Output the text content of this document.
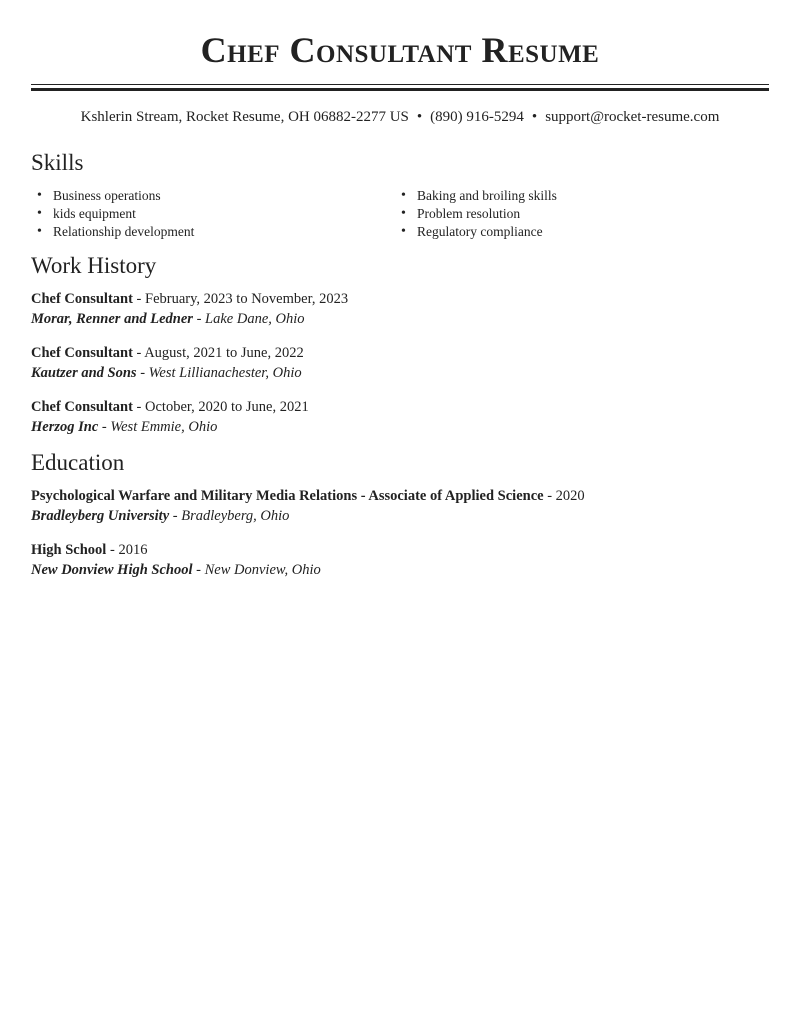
Chef Consultant Resume
Kshlerin Stream, Rocket Resume, OH 06882-2277 US • (890) 916-5294 • support@rocket-resume.com
Skills
• Business operations
• kids equipment
• Relationship development
• Baking and broiling skills
• Problem resolution
• Regulatory compliance
Work History
Chef Consultant - February, 2023 to November, 2023
Morar, Renner and Ledner - Lake Dane, Ohio
Chef Consultant - August, 2021 to June, 2022
Kautzer and Sons - West Lillianachester, Ohio
Chef Consultant - October, 2020 to June, 2021
Herzog Inc - West Emmie, Ohio
Education
Psychological Warfare and Military Media Relations - Associate of Applied Science - 2020
Bradleyberg University - Bradleyberg, Ohio
High School - 2016
New Donview High School - New Donview, Ohio
